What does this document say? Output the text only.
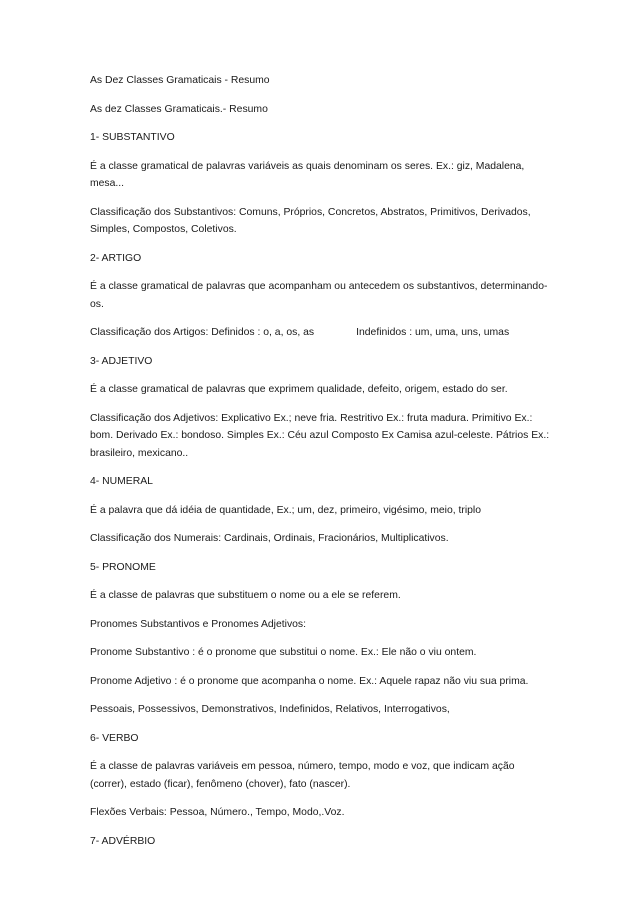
As Dez Classes Gramaticais - Resumo

As dez Classes Gramaticais.- Resumo

1- SUBSTANTIVO

É a classe gramatical de palavras variáveis as quais denominam os seres. Ex.: giz, Madalena, mesa...

Classificação dos Substantivos: Comuns, Próprios, Concretos, Abstratos, Primitivos, Derivados, Simples, Compostos, Coletivos.

2- ARTIGO

É a classe gramatical de palavras que acompanham ou antecedem os substantivos, determinando-os.

Classificação dos Artigos: Definidos : o, a, os, as	Indefinidos : um, uma, uns, umas

3- ADJETIVO

É a classe gramatical de palavras que exprimem qualidade, defeito, origem, estado do ser.

Classificação dos Adjetivos: Explicativo Ex.; neve fria. Restritivo Ex.: fruta madura. Primitivo Ex.: bom. Derivado Ex.: bondoso. Simples Ex.: Céu azul Composto Ex Camisa azul-celeste. Pátrios Ex.: brasileiro, mexicano..

4- NUMERAL

É a palavra que dá idéia de quantidade, Ex.; um, dez, primeiro, vigésimo, meio, triplo

Classificação dos Numerais: Cardinais, Ordinais, Fracionários, Multiplicativos.

5- PRONOME

É a classe de palavras que substituem o nome ou a ele se referem.

Pronomes Substantivos e Pronomes Adjetivos:

Pronome Substantivo : é o pronome que substitui o nome. Ex.: Ele não o viu ontem.

Pronome Adjetivo : é o pronome que acompanha o nome. Ex.: Aquele rapaz não viu sua prima.

Pessoais, Possessivos, Demonstrativos, Indefinidos, Relativos, Interrogativos,

6- VERBO

É a classe de palavras variáveis em pessoa, número, tempo, modo e voz, que indicam ação (correr), estado (ficar), fenômeno (chover), fato (nascer).

Flexões Verbais: Pessoa, Número., Tempo, Modo,.Voz.

7- ADVÉRBIO
